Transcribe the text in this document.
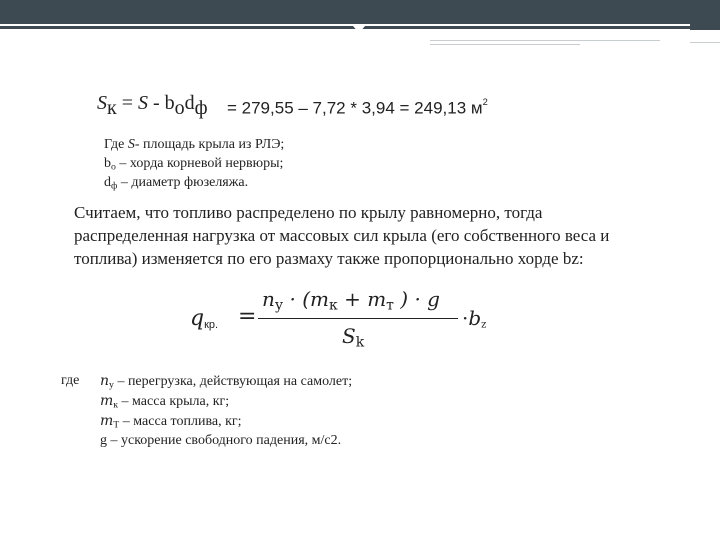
$S_к = S - b_od_ф = 279,55 - 7,72 * 3,94 = 249,13$ $м^2$
Где S- площадь крыла из РЛЭ;
$b_о$ – хорда корневой нервюры;
$d_ф$ – диаметр фюзеляжа.
Считаем, что топливо распределено по крылу равномерно, тогда распределенная нагрузка от массовых сил крыла (его собственного веса и топлива) изменяется по его размаху также пропорционально хорде bz:
$q_{кр.}$ =
$n_у \cdot (m_к + m_т$ ) · g
$S_k$
$\cdot b_z$
где $n_у$ – перегрузка, действующая на самолет;
$m_к$ – масса крыла, кг;
$m_Т$ – масса топлива, кг;
g – ускорение свободного падения, м/с2.
